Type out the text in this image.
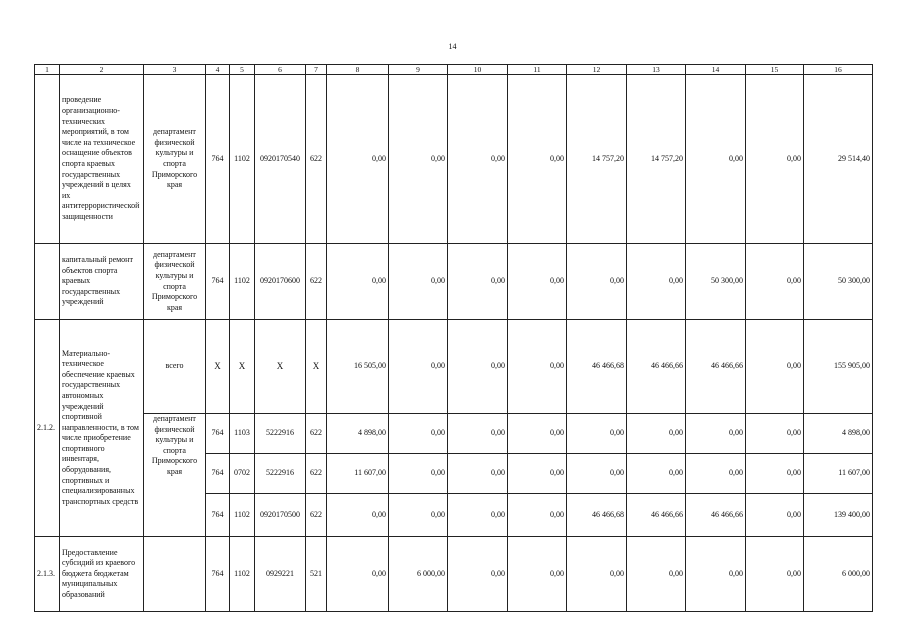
14
1	2	3	4	5	6	7	8	9	10	11	12	13	14	15	16
	проведение организационно-технических мероприятий, в том числе на техническое оснащение объектов спорта краевых государственных учреждений в целях их антитеррористической защищенности	департамент физической культуры и спорта Приморского края	764	1102	0920170540	622	0,00	0,00	0,00	0,00	14 757,20	14 757,20	0,00	0,00	29 514,40
	капитальный ремонт объектов спорта краевых государственных учреждений	департамент физической культуры и спорта Приморского края	764	1102	0920170600	622	0,00	0,00	0,00	0,00	0,00	0,00	50 300,00	0,00	50 300,00
2.1.2.	Материально-техническое обеспечение краевых государственных автономных учреждений спортивной направленности, в том числе приобретение спортивного инвентаря, оборудования, спортивных и специализированных транспортных средств	всего	X	X	X	X	16 505,00	0,00	0,00	0,00	46 466,68	46 466,66	46 466,66	0,00	155 905,00
		департамент физической культуры и спорта Приморского края	764	1103	5222916	622	4 898,00	0,00	0,00	0,00	0,00	0,00	0,00	0,00	4 898,00
			764	0702	5222916	622	11 607,00	0,00	0,00	0,00	0,00	0,00	0,00	0,00	11 607,00
			764	1102	0920170500	622	0,00	0,00	0,00	0,00	46 466,68	46 466,66	46 466,66	0,00	139 400,00
2.1.3.	Предоставление субсидий из краевого бюджета бюджетам муниципальных образований		764	1102	0929221	521	0,00	6 000,00	0,00	0,00	0,00	0,00	0,00	0,00	6 000,00
